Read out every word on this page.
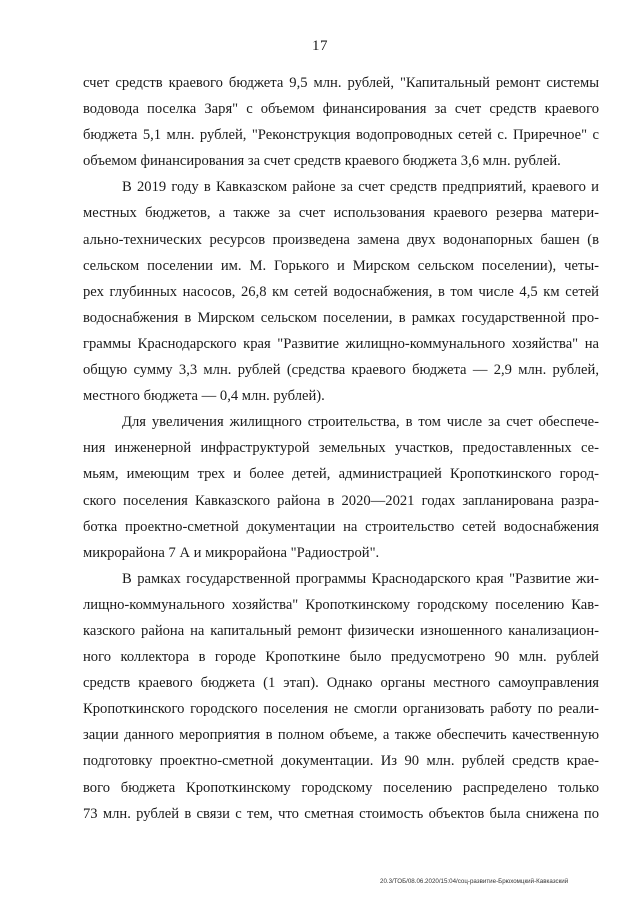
17
счет средств краевого бюджета 9,5 млн. рублей, "Капитальный ремонт системы
водовода поселка Заря" с объемом финансирования за счет средств краевого
бюджета 5,1 млн. рублей, "Реконструкция водопроводных сетей с. Приречное" с
объемом финансирования за счет средств краевого бюджета 3,6 млн. рублей.
В 2019 году в Кавказском районе за счет средств предприятий, краевого и
местных бюджетов, а также за счет использования краевого резерва матери-
ально-технических ресурсов произведена замена двух водонапорных башен (в
сельском поселении им. М. Горького и Мирском сельском поселении), четы-
рех глубинных насосов, 26,8 км сетей водоснабжения, в том числе 4,5 км сетей
водоснабжения в Мирском сельском поселении, в рамках государственной про-
граммы Краснодарского края "Развитие жилищно-коммунального хозяйства" на
общую сумму 3,3 млн. рублей (средства краевого бюджета — 2,9 млн. рублей,
местного бюджета — 0,4 млн. рублей).
Для увеличения жилищного строительства, в том числе за счет обеспече-
ния инженерной инфраструктурой земельных участков, предоставленных се-
мьям, имеющим трех и более детей, администрацией Кропоткинского город-
ского поселения Кавказского района в 2020—2021 годах запланирована разра-
ботка проектно-сметной документации на строительство сетей водоснабжения
микрорайона 7 А и микрорайона "Радиострой".
В рамках государственной программы Краснодарского края "Развитие жи-
лищно-коммунального хозяйства" Кропоткинскому городскому поселению Кав-
казского района на капитальный ремонт физически изношенного канализацион-
ного коллектора в городе Кропоткине было предусмотрено 90 млн. рублей
средств краевого бюджета (1 этап). Однако органы местного самоуправления
Кропоткинского городского поселения не смогли организовать работу по реали-
зации данного мероприятия в полном объеме, а также обеспечить качественную
подготовку проектно-сметной документации. Из 90 млн. рублей средств крае-
вого бюджета Кропоткинскому городскому поселению распределено только
73 млн. рублей в связи с тем, что сметная стоимость объектов была снижена по
20.3/ТОБ/08.06.2020/15:04/соц-развитие-Брюхомцкий-Кавказский
